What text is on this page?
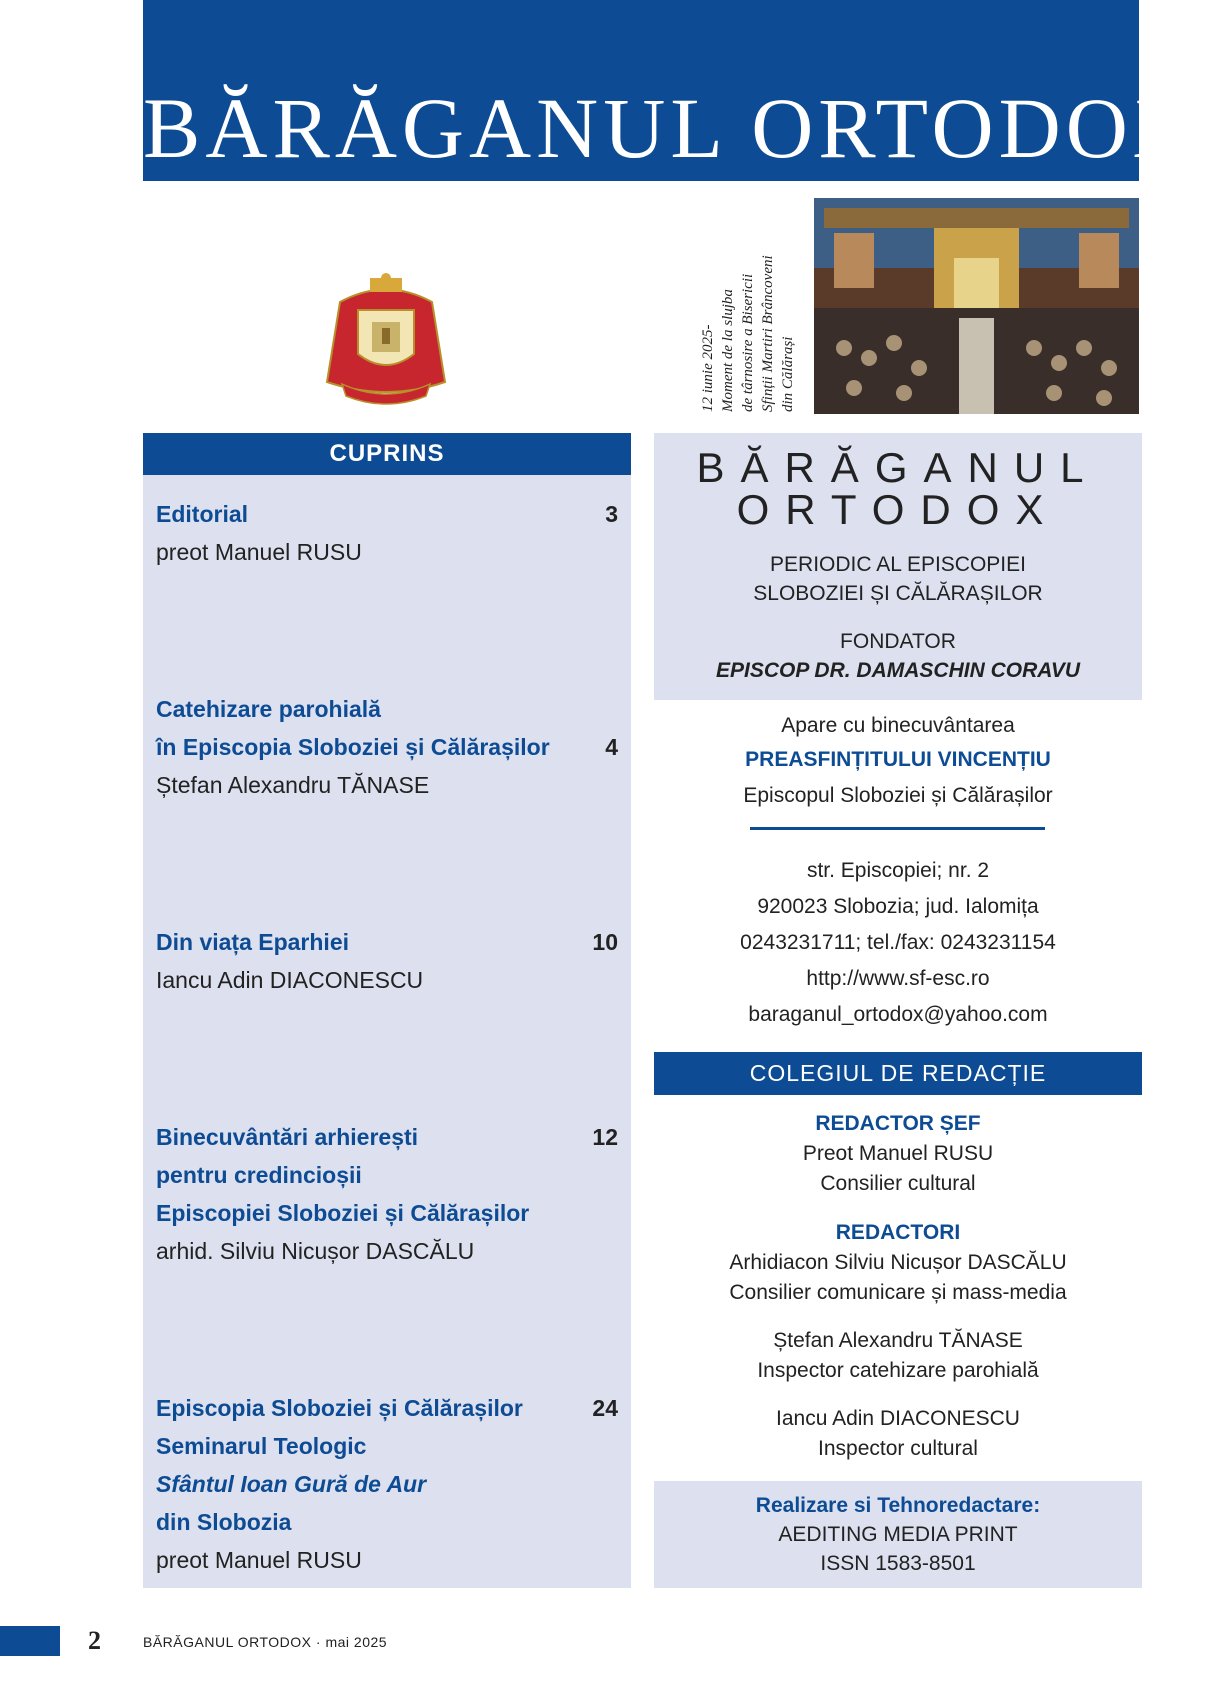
BĂRĂGANUL ORTODOX
12 iunie 2025- Moment de la slujba de târnosire a Bisericii Sfinții Martiri Brâncoveni din Călărași
CUPRINS
Editorial	3
preot Manuel RUSU
Catehizare parohială
în Episcopia Sloboziei și Călărașilor 4
Ștefan Alexandru TĂNASE
Din viața Eparhiei	10
Iancu Adin DIACONESCU
Binecuvântări arhierești	12
pentru credincioșii
Episcopiei Sloboziei și Călărașilor
arhid. Silviu Nicușor DASCĂLU
Episcopia Sloboziei și Călărașilor	24
Seminarul Teologic
Sfântul Ioan Gură de Aur
din Slobozia
preot Manuel RUSU
BĂRĂGANUL
ORTODOX
PERIODIC AL EPISCOPIEI
SLOBOZIEI ȘI CĂLĂRAȘILOR
FONDATOR
EPISCOP DR. DAMASCHIN CORAVU
Apare cu binecuvântarea
PREASFINȚITULUI VINCENȚIU
Episcopul Sloboziei și Călărașilor
str. Episcopiei; nr. 2
920023 Slobozia; jud. Ialomița
0243231711; tel./fax: 0243231154
http://www.sf-esc.ro
baraganul_ortodox@yahoo.com
COLEGIUL DE REDACȚIE
REDACTOR ȘEF
Preot Manuel RUSU
Consilier cultural
REDACTORI
Arhidiacon Silviu Nicușor DASCĂLU
Consilier comunicare și mass-media
Ștefan Alexandru TĂNASE
Inspector catehizare parohială
Iancu Adin DIACONESCU
Inspector cultural
Realizare si Tehnoredactare:
AEDITING MEDIA PRINT
ISSN 1583-8501
2	BĂRĂGANUL ORTODOX · mai 2025
